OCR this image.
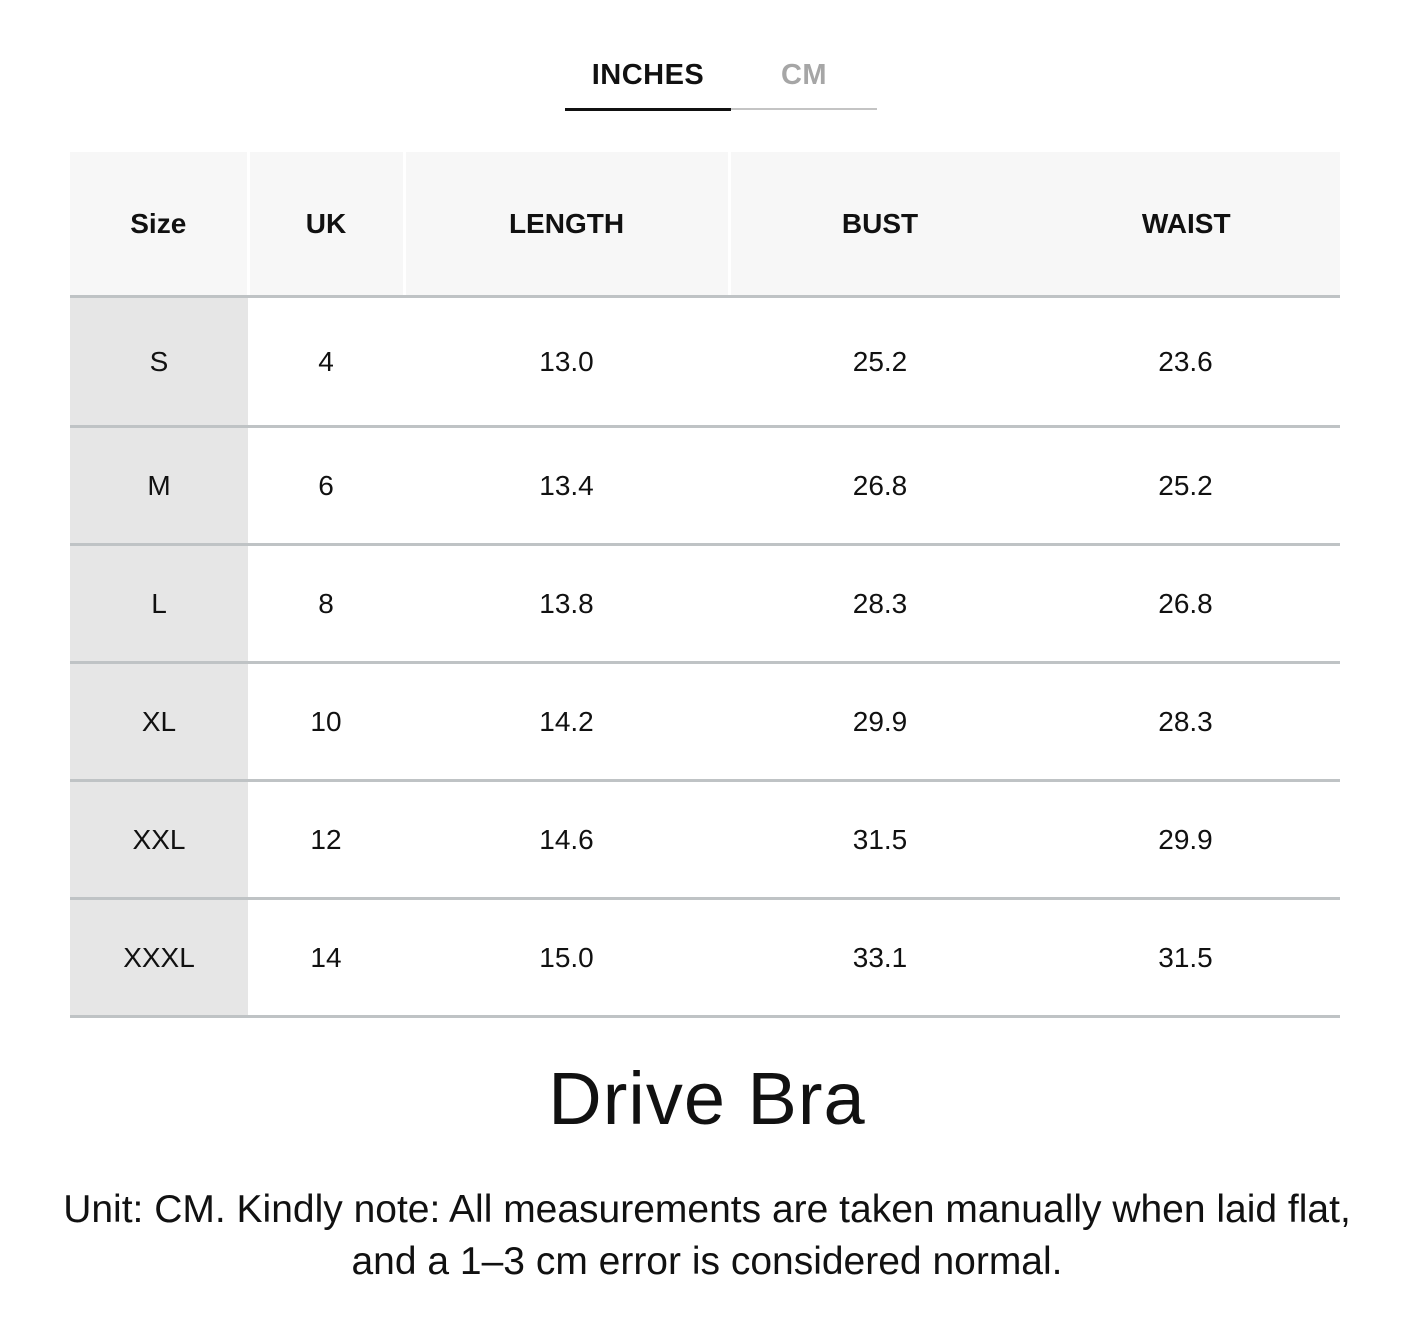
INCHES	CM
Size	UK	LENGTH	BUST	WAIST
S	4	13.0	25.2	23.6
M	6	13.4	26.8	25.2
L	8	13.8	28.3	26.8
XL	10	14.2	29.9	28.3
XXL	12	14.6	31.5	29.9
XXXL	14	15.0	33.1	31.5
Drive Bra

Unit: CM. Kindly note: All measurements are taken manually when laid flat, and a 1–3 cm error is considered normal.
